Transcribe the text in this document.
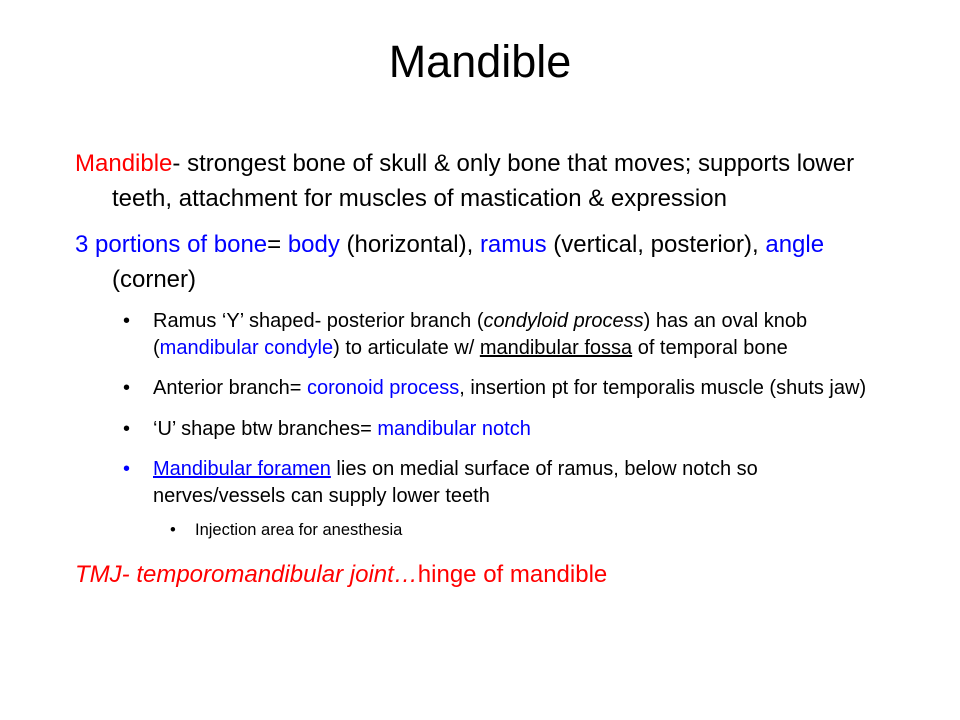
Mandible

Mandible- strongest bone of skull & only bone that moves; supports lower teeth, attachment for muscles of mastication & expression

3 portions of bone= body (horizontal), ramus (vertical, posterior), angle (corner)

• Ramus ‘Y’ shaped- posterior branch (condyloid process) has an oval knob (mandibular condyle) to articulate w/ mandibular fossa of temporal bone
• Anterior branch= coronoid process, insertion pt for temporalis muscle (shuts jaw)
• ‘U’ shape btw branches= mandibular notch
• Mandibular foramen lies on medial surface of ramus, below notch so nerves/vessels can supply lower teeth
• Injection area for anesthesia

TMJ- temporomandibular joint…hinge of mandible
